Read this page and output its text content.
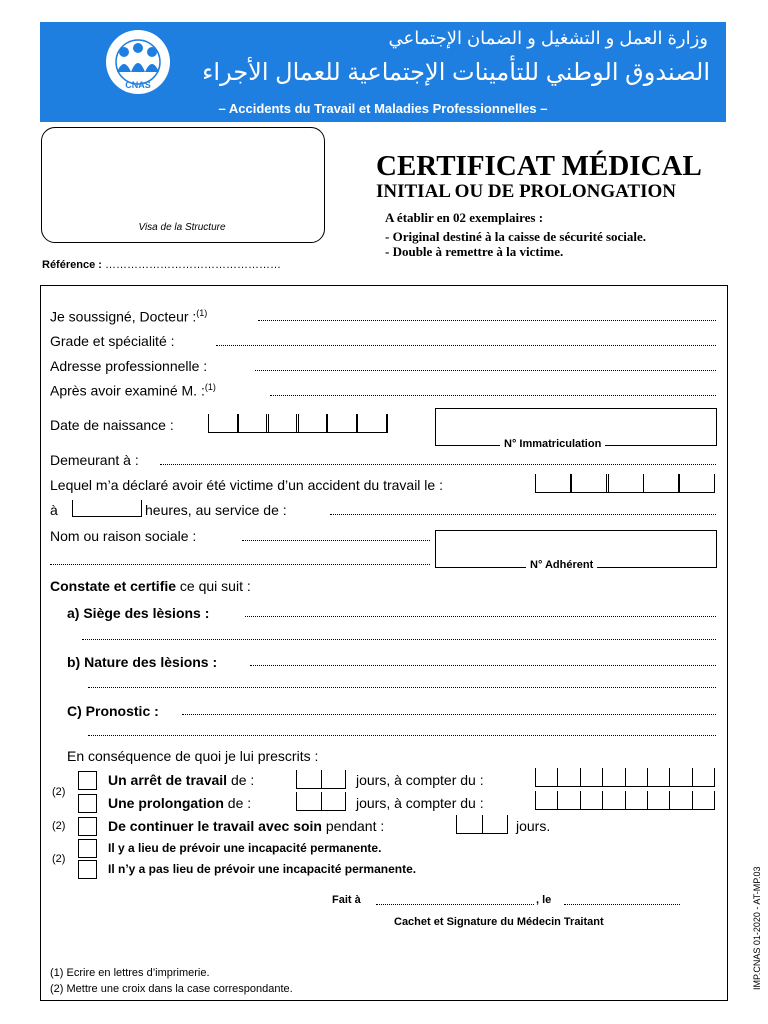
CNAS
وزارة العمل و التشغيل و الضمان الإجتماعي
الصندوق الوطني للتأمينات الإجتماعية للعمال الأجراء
– Accidents du Travail et Maladies Professionnelles –
Visa de la Structure
CERTIFICAT MÉDICAL
INITIAL OU DE PROLONGATION
A établir en 02 exemplaires :
- Original destiné à la caisse de sécurité sociale.
- Double à remettre à la victime.
Référence : …………………………………………
Je soussigné, Docteur :$^{(1)}$
Grade et spécialité :
Adresse professionnelle :
Après avoir examiné M. :$^{(1)}$
Date de naissance :
N° Immatriculation
Demeurant à :
Lequel m’a déclaré avoir été victime d’un accident du travail le :
à	heures, au service de :
Nom ou raison sociale :
N° Adhérent
Constate et certifie ce qui suit :
a) Siège des lèsions :
b) Nature des lèsions :
C) Pronostic :
En conséquence de quoi je lui prescrits :
(2)
Un arrêt de travail de :	jours, à compter du :
Une prolongation de :	jours, à compter du :
(2)	De continuer le travail avec soin pendant :	jours.
(2)
Il y a lieu de prévoir une incapacité permanente.
Il n’y a pas lieu de prévoir une incapacité permanente.
Fait à	, le
Cachet et Signature du Médecin Traitant
(1) Ecrire en lettres d’imprimerie.
(2) Mettre une croix dans la case correspondante.	IMP.CNAS 01-2020 - AT-MP.03
